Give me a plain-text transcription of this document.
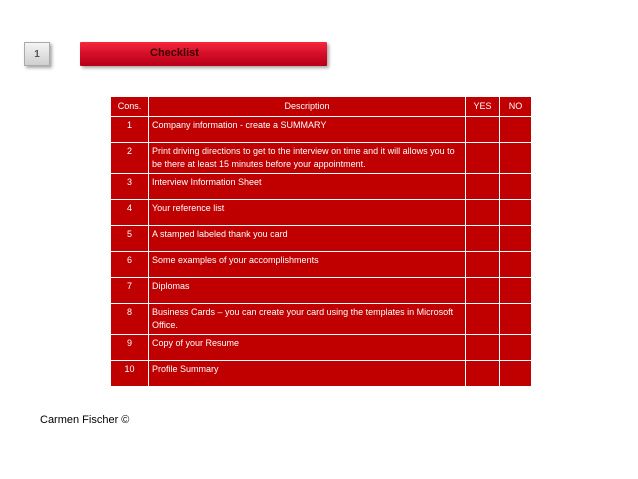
1	Checklist
Cons.	Description	YES	NO
1	Company information - create a SUMMARY		
2	Print driving directions to get to the interview on time and it will allows you to be there at least 15 minutes before your appointment.		
3	Interview Information Sheet		
4	Your reference list		
5	A stamped labeled thank you card		
6	Some examples of your accomplishments		
7	Diplomas		
8	Business Cards – you can create your card using the templates in Microsoft Office.		
9	Copy of your Resume		
10	Profile Summary		
Carmen Fischer ©
